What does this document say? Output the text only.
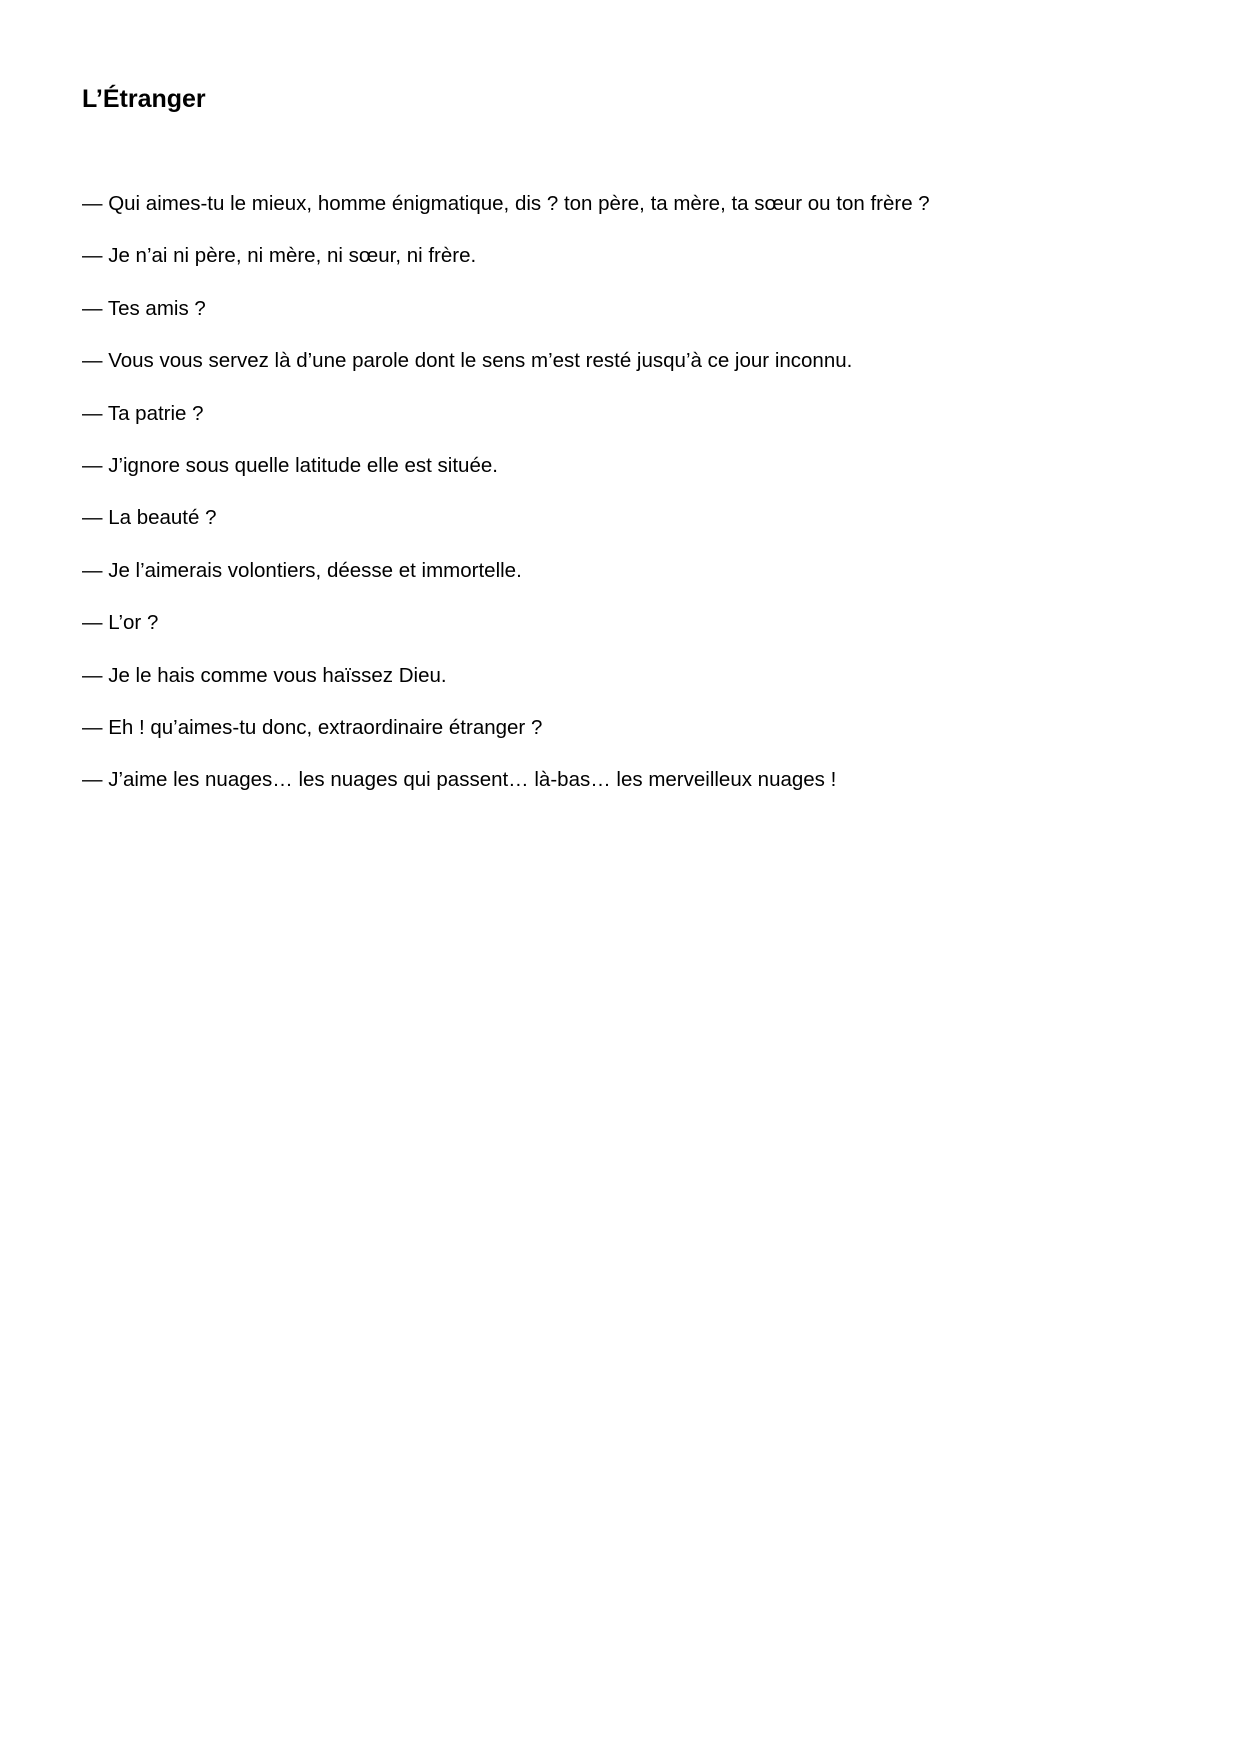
L’Étranger

— Qui aimes-tu le mieux, homme énigmatique, dis ? ton père, ta mère, ta sœur ou ton frère ?

— Je n’ai ni père, ni mère, ni sœur, ni frère.

— Tes amis ?

— Vous vous servez là d’une parole dont le sens m’est resté jusqu’à ce jour inconnu.

— Ta patrie ?

— J’ignore sous quelle latitude elle est située.

— La beauté ?

— Je l’aimerais volontiers, déesse et immortelle.

— L’or ?

— Je le hais comme vous haïssez Dieu.

— Eh ! qu’aimes-tu donc, extraordinaire étranger ?

— J’aime les nuages… les nuages qui passent… là-bas… les merveilleux nuages !
